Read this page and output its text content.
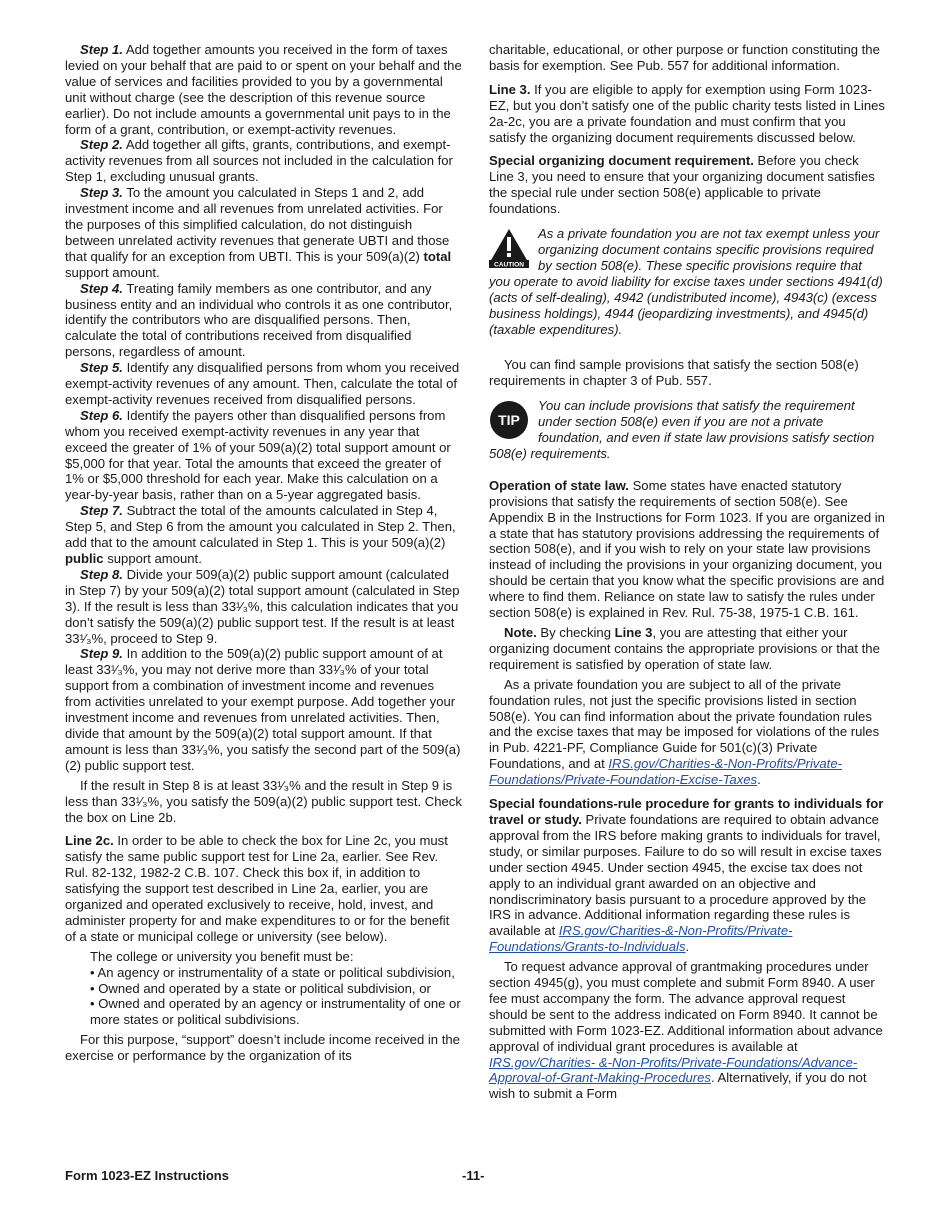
Step 1. Add together amounts you received in the form of taxes levied on your behalf that are paid to or spent on your behalf and the value of services and facilities provided to you by a governmental unit without charge (see the description of this revenue source earlier). Do not include amounts a governmental unit pays to in the form of a grant, contribution, or exempt-activity revenues.

Step 2. Add together all gifts, grants, contributions, and exempt-activity revenues from all sources not included in the calculation for Step 1, excluding unusual grants.

Step 3. To the amount you calculated in Steps 1 and 2, add investment income and all revenues from unrelated activities. For the purposes of this simplified calculation, do not distinguish between unrelated activity revenues that generate UBTI and those that qualify for an exception from UBTI. This is your 509(a)(2) total support amount.

Step 4. Treating family members as one contributor, and any business entity and an individual who controls it as one contributor, identify the contributors who are disqualified persons. Then, calculate the total of contributions received from disqualified persons, regardless of amount.

Step 5. Identify any disqualified persons from whom you received exempt-activity revenues of any amount. Then, calculate the total of exempt-activity revenues received from disqualified persons.

Step 6. Identify the payers other than disqualified persons from whom you received exempt-activity revenues in any year that exceed the greater of 1% of your 509(a)(2) total support amount or $5,000 for that year. Total the amounts that exceed the greater of 1% or $5,000 threshold for each year. Make this calculation on a year-by-year basis, rather than on a 5-year aggregated basis.

Step 7. Subtract the total of the amounts calculated in Step 4, Step 5, and Step 6 from the amount you calculated in Step 2. Then, add that to the amount calculated in Step 1. This is your 509(a)(2) public support amount.

Step 8. Divide your 509(a)(2) public support amount (calculated in Step 7) by your 509(a)(2) total support amount (calculated in Step 3). If the result is less than 33¹⁄₃%, this calculation indicates that you don’t satisfy the 509(a)(2) public support test. If the result is at least 33¹⁄₃%, proceed to Step 9.

Step 9. In addition to the 509(a)(2) public support amount of at least 33¹⁄₃%, you may not derive more than 33¹⁄₃% of your total support from a combination of investment income and revenues from activities unrelated to your exempt purpose. Add together your investment income and revenues from unrelated activities. Then, divide that amount by the 509(a)(2) total support amount. If that amount is less than 33¹⁄₃%, you satisfy the second part of the 509(a)(2) public support test.

If the result in Step 8 is at least 33¹⁄₃% and the result in Step 9 is less than 33¹⁄₃%, you satisfy the 509(a)(2) public support test. Check the box on Line 2b.

Line 2c. In order to be able to check the box for Line 2c, you must satisfy the same public support test for Line 2a, earlier. See Rev. Rul. 82-132, 1982-2 C.B. 107. Check this box if, in addition to satisfying the support test described in Line 2a, earlier, you are organized and operated exclusively to receive, hold, invest, and administer property for and make expenditures to or for the benefit of a state or municipal college or university (see below).

The college or university you benefit must be:

• An agency or instrumentality of a state or political subdivision,

• Owned and operated by a state or political subdivision, or

• Owned and operated by an agency or instrumentality of one or more states or political subdivisions.

For this purpose, “support” doesn’t include income received in the exercise or performance by the organization of its

charitable, educational, or other purpose or function constituting the basis for exemption. See Pub. 557 for additional information.

Line 3. If you are eligible to apply for exemption using Form 1023-EZ, but you don’t satisfy one of the public charity tests listed in Lines 2a-2c, you are a private foundation and must confirm that you satisfy the organizing document requirements discussed below.

Special organizing document requirement. Before you check Line 3, you need to ensure that your organizing document satisfies the special rule under section 508(e) applicable to private foundations.

CAUTION
As a private foundation you are not tax exempt unless your organizing document contains specific provisions required by section 508(e). These specific provisions require that you operate to avoid liability for excise taxes under sections 4941(d) (acts of self-dealing), 4942 (undistributed income), 4943(c) (excess business holdings), 4944 (jeopardizing investments), and 4945(d) (taxable expenditures).

You can find sample provisions that satisfy the section 508(e) requirements in chapter 3 of Pub. 557.

TIP
You can include provisions that satisfy the requirement under section 508(e) even if you are not a private foundation, and even if state law provisions satisfy section 508(e) requirements.

Operation of state law. Some states have enacted statutory provisions that satisfy the requirements of section 508(e). See Appendix B in the Instructions for Form 1023. If you are organized in a state that has statutory provisions addressing the requirements of section 508(e), and if you wish to rely on your state law provisions instead of including the provisions in your organizing document, you should be certain that you know what the specific provisions are and where to find them. Reliance on state law to satisfy the rules under section 508(e) is explained in Rev. Rul. 75-38, 1975-1 C.B. 161.

Note. By checking Line 3, you are attesting that either your organizing document contains the appropriate provisions or that the requirement is satisfied by operation of state law.

As a private foundation you are subject to all of the private foundation rules, not just the specific provisions listed in section 508(e). You can find information about the private foundation rules and the excise taxes that may be imposed for violations of the rules in Pub. 4221-PF, Compliance Guide for 501(c)(3) Private Foundations, and at IRS.gov/Charities-&-Non-Profits/Private- Foundations/Private-Foundation-Excise-Taxes.

Special foundations-rule procedure for grants to individuals for travel or study. Private foundations are required to obtain advance approval from the IRS before making grants to individuals for travel, study, or similar purposes. Failure to do so will result in excise taxes under section 4945. Under section 4945, the excise tax does not apply to an individual grant awarded on an objective and nondiscriminatory basis pursuant to a procedure approved by the IRS in advance. Additional information regarding these rules is available at IRS.gov/Charities-&-Non-Profits/Private-Foundations/Grants-to-Individuals.

To request advance approval of grantmaking procedures under section 4945(g), you must complete and submit Form 8940. A user fee must accompany the form. The advance approval request should be sent to the address indicated on Form 8940. It cannot be submitted with Form 1023-EZ. Additional information about advance approval of individual grant procedures is available at IRS.gov/Charities- &-Non-Profits/Private-Foundations/Advance-Approval-of-Grant-Making-Procedures. Alternatively, if you do not wish to submit a Form

Form 1023-EZ Instructions	-11-
